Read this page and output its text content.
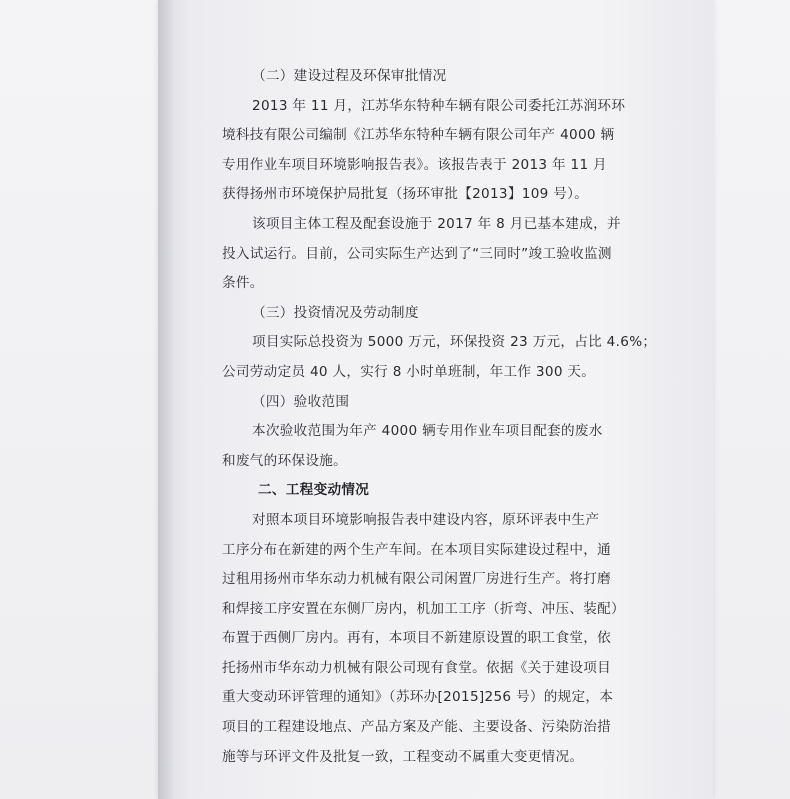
（二）建设过程及环保审批情况
2013 年 11 月，江苏华东特种车辆有限公司委托江苏润环环
境科技有限公司编制《江苏华东特种车辆有限公司年产 4000 辆
专用作业车项目环境影响报告表》。该报告表于 2013 年 11 月
获得扬州市环境保护局批复（扬环审批【2013】109 号）。
该项目主体工程及配套设施于 2017 年 8 月已基本建成，并
投入试运行。目前，公司实际生产达到了“三同时”竣工验收监测
条件。
（三）投资情况及劳动制度
项目实际总投资为 5000 万元，环保投资 23 万元，占比 4.6%；
公司劳动定员 40 人，实行 8 小时单班制，年工作 300 天。
（四）验收范围
本次验收范围为年产 4000 辆专用作业车项目配套的废水
和废气的环保设施。
二、工程变动情况
对照本项目环境影响报告表中建设内容，原环评表中生产
工序分布在新建的两个生产车间。在本项目实际建设过程中，通
过租用扬州市华东动力机械有限公司闲置厂房进行生产。将打磨
和焊接工序安置在东侧厂房内，机加工工序（折弯、冲压、装配）
布置于西侧厂房内。再有，本项目不新建原设置的职工食堂，依
托扬州市华东动力机械有限公司现有食堂。依据《关于建设项目
重大变动环评管理的通知》（苏环办[2015]256 号）的规定，本
项目的工程建设地点、产品方案及产能、主要设备、污染防治措
施等与环评文件及批复一致，工程变动不属重大变更情况。
